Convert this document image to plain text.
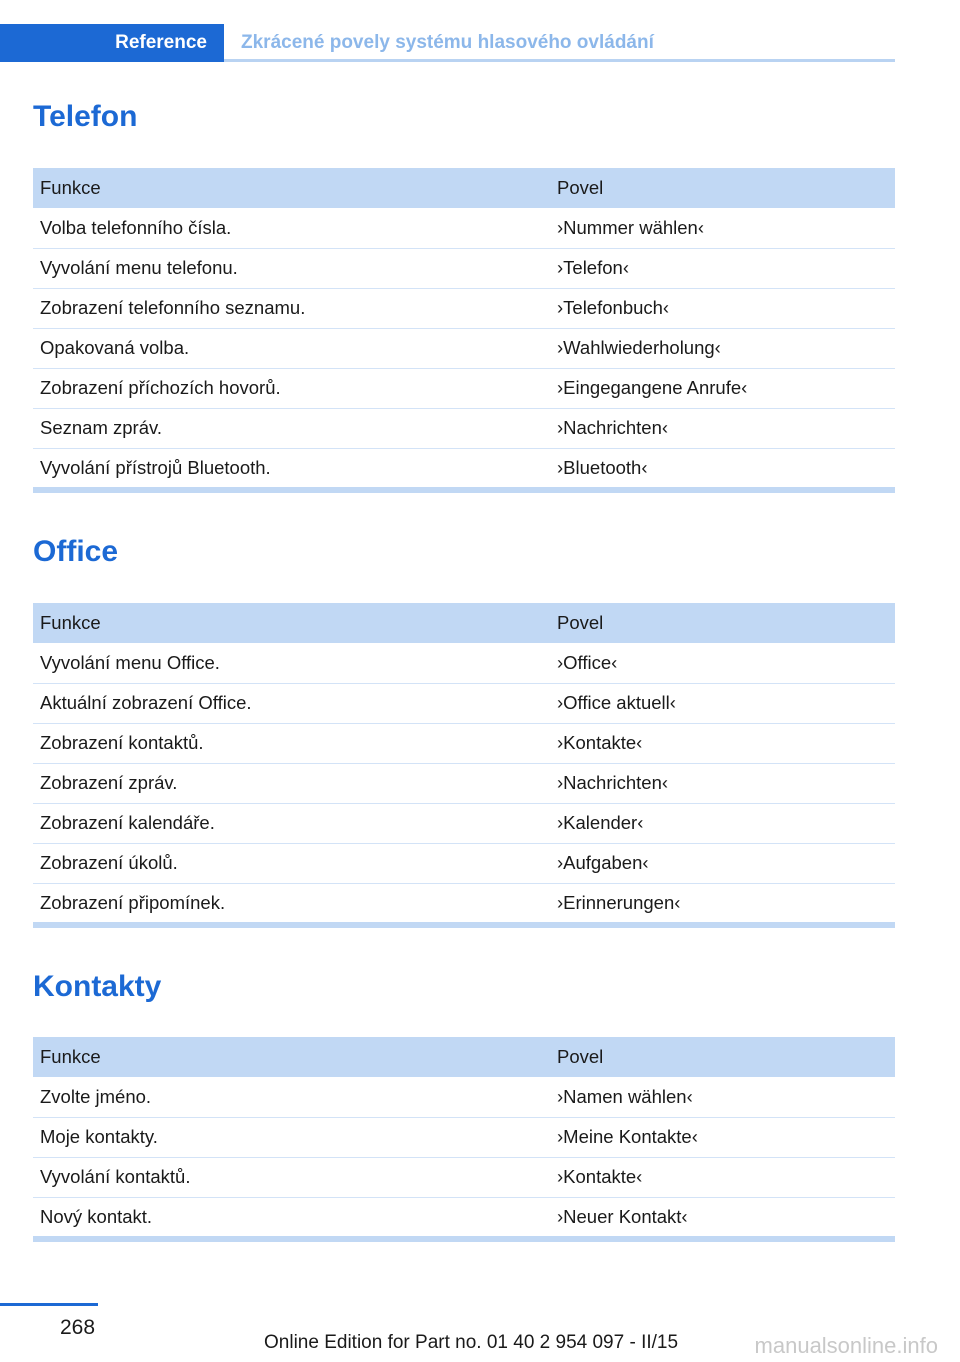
Reference Zkrácené povely systému hlasového ovládání
Telefon
Funkce	Povel
Volba telefonního čísla.	›Nummer wählen‹
Vyvolání menu telefonu.	›Telefon‹
Zobrazení telefonního seznamu.	›Telefonbuch‹
Opakovaná volba.	›Wahlwiederholung‹
Zobrazení příchozích hovorů.	›Eingegangene Anrufe‹
Seznam zpráv.	›Nachrichten‹
Vyvolání přístrojů Bluetooth.	›Bluetooth‹
Office
Funkce	Povel
Vyvolání menu Office.	›Office‹
Aktuální zobrazení Office.	›Office aktuell‹
Zobrazení kontaktů.	›Kontakte‹
Zobrazení zpráv.	›Nachrichten‹
Zobrazení kalendáře.	›Kalender‹
Zobrazení úkolů.	›Aufgaben‹
Zobrazení připomínek.	›Erinnerungen‹
Kontakty
Funkce	Povel
Zvolte jméno.	›Namen wählen‹
Moje kontakty.	›Meine Kontakte‹
Vyvolání kontaktů.	›Kontakte‹
Nový kontakt.	›Neuer Kontakt‹
268
Online Edition for Part no. 01 40 2 954 097 - II/15	manualsonline.info
